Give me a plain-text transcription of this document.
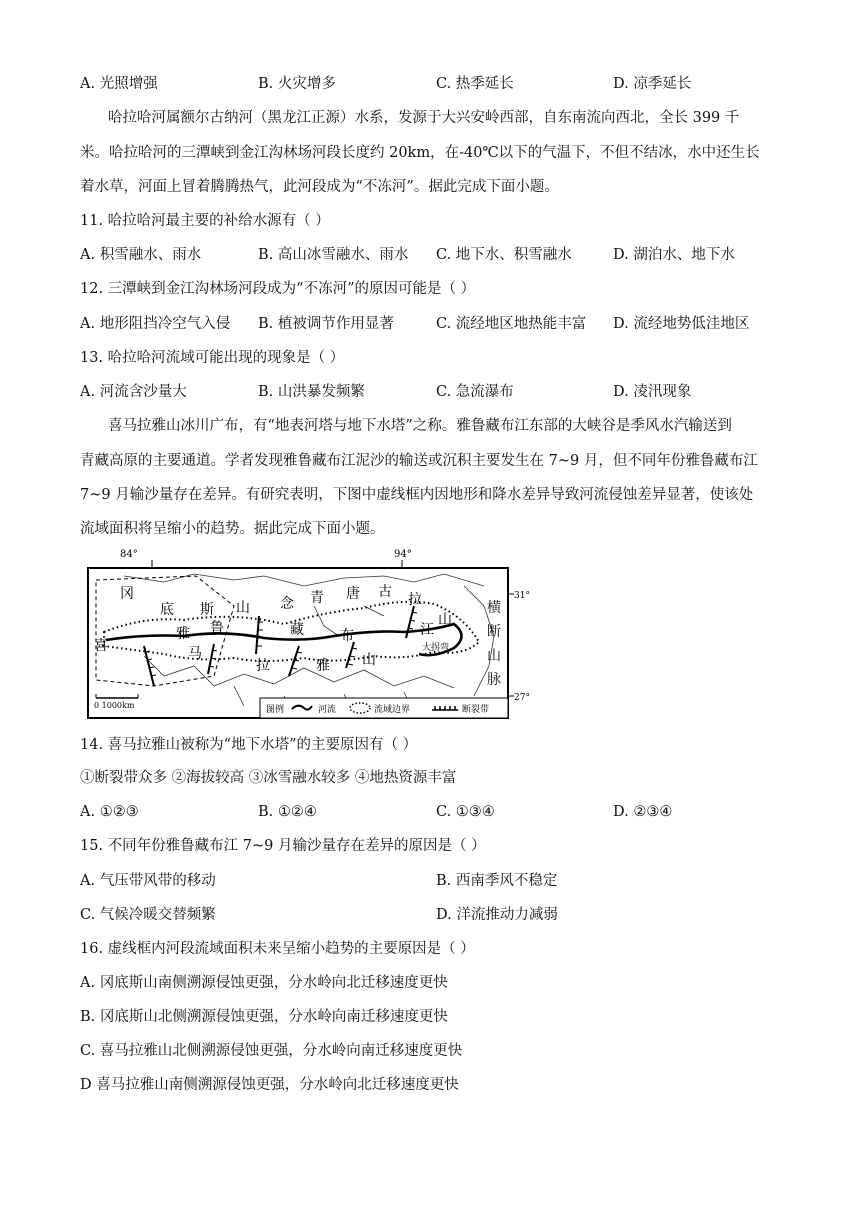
A. 光照增强	B. 火灾增多	C. 热季延长	D. 凉季延长
哈拉哈河属额尔古纳河（黑龙江正源）水系，发源于大兴安岭西部，自东南流向西北，全长 399 千
米。哈拉哈河的三潭峡到金江沟林场河段长度约 20km，在-40℃以下的气温下，不但不结冰，水中还生长
着水草，河面上冒着腾腾热气，此河段成为“不冻河”。据此完成下面小题。
11. 哈拉哈河最主要的补给水源有（ ）
A. 积雪融水、雨水	B. 高山冰雪融水、雨水 C. 地下水、积雪融水	D. 湖泊水、地下水
12. 三潭峡到金江沟林场河段成为“不冻河”的原因可能是（ ）
A. 地形阻挡冷空气入侵 B. 植被调节作用显著	C. 流经地区地热能丰富 D. 流经地势低洼地区
13. 哈拉哈河流域可能出现的现象是（ ）
A. 河流含沙量大	B. 山洪暴发频繁	C. 急流瀑布	D. 凌汛现象
喜马拉雅山冰川广布，有“地表河塔与地下水塔”之称。雅鲁藏布江东部的大峡谷是季风水汽输送到
青藏高原的主要通道。学者发现雅鲁藏布江泥沙的输送或沉积主要发生在 7~9 月，但不同年份雅鲁藏布江
7~9 月输沙量存在差异。有研究表明，下图中虚线框内因地形和降水差异导致河流侵蚀差异显著，使该处
流域面积将呈缩小的趋势。据此完成下面小题。
84°	94°
31°
27°
冈
底 斯 山 念 青 唐 古 拉
山
雅 鲁	藏	布	江
喜	马
拉	雅 山
大拐弯
0 1000km	图例	河流	流域边界	断裂带
横
断
山
脉
14. 喜马拉雅山被称为“地下水塔”的主要原因有（ ）
①断裂带众多 ②海拔较高 ③冰雪融水较多 ④地热资源丰富
A. ①②③	B. ①②④	C. ①③④	D. ②③④
15. 不同年份雅鲁藏布江 7~9 月输沙量存在差异的原因是（ ）
A. 气压带风带的移动	B. 西南季风不稳定
C. 气候冷暖交替频繁	D. 洋流推动力减弱
16. 虚线框内河段流域面积未来呈缩小趋势的主要原因是（ ）
A. 冈底斯山南侧溯源侵蚀更强，分水岭向北迁移速度更快
B. 冈底斯山北侧溯源侵蚀更强，分水岭向南迁移速度更快
C. 喜马拉雅山北侧溯源侵蚀更强，分水岭向南迁移速度更快
D 喜马拉雅山南侧溯源侵蚀更强，分水岭向北迁移速度更快
